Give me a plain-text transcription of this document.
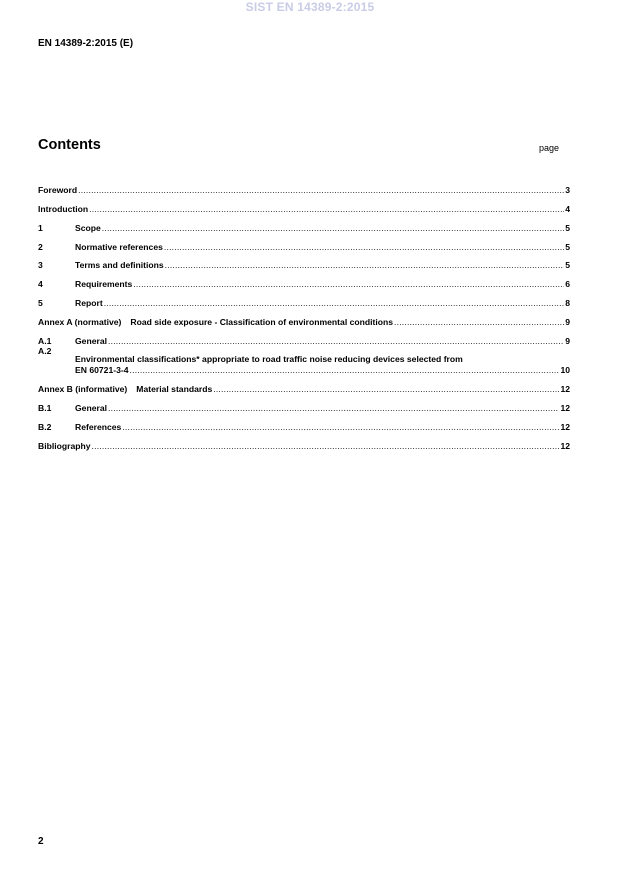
SIST EN 14389-2:2015
EN 14389-2:2015 (E)
Contents	page
Foreword .....	3
Introduction .....	4
1	Scope .....	5
2	Normative references .....	5
3	Terms and definitions .....	5
4	Requirements .....	6
5	Report .....	8
Annex A (normative) Road side exposure - Classification of environmental conditions .....	9
A.1	General .....	9
A.2
Environmental classifications* appropriate to road traffic noise reducing devices selected from
EN 60721-3-4 .....	10
Annex B (informative) Material standards .....	12
B.1	General .....	12
B.2	References .....	12
Bibliography .....	12
2
